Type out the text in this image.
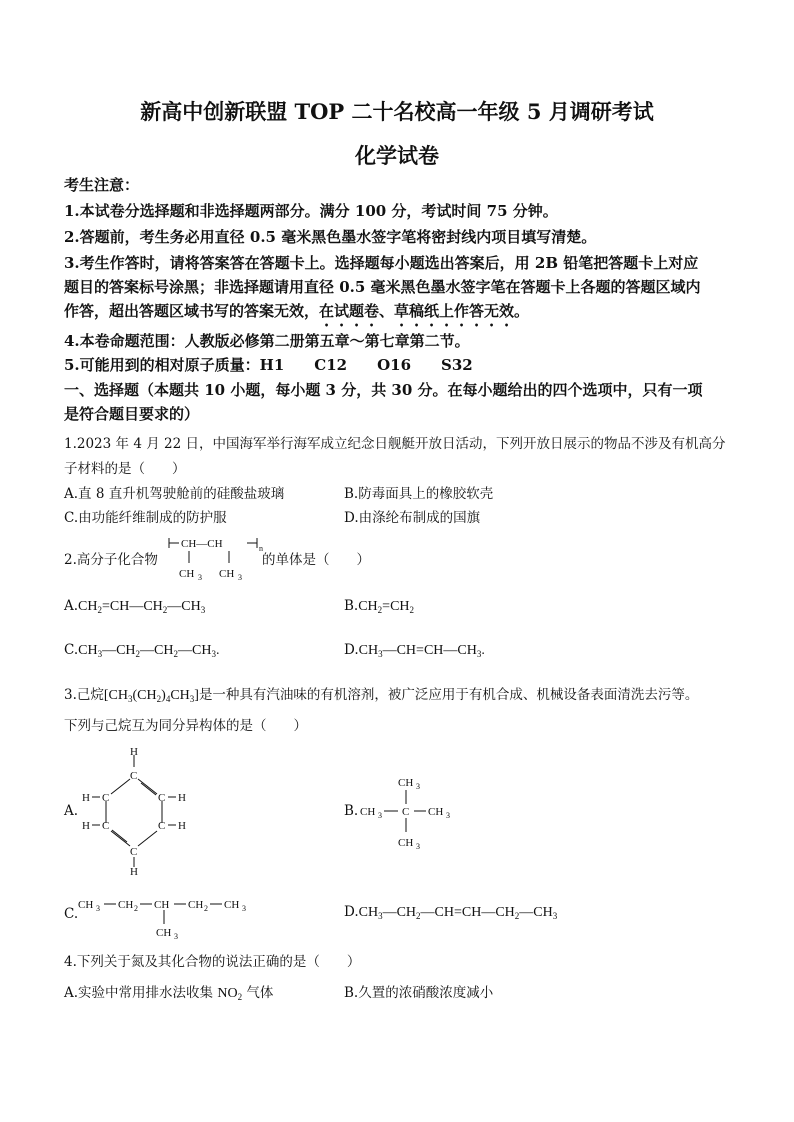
新高中创新联盟 TOP 二十名校高一年级 5 月调研考试
化学试卷
考生注意：
1.本试卷分选择题和非选择题两部分。满分 100 分，考试时间 75 分钟。
2.答题前，考生务必用直径 0.5 毫米黑色墨水签字笔将密封线内项目填写清楚。
3.考生作答时，请将答案答在答题卡上。选择题每小题选出答案后，用 2B 铅笔把答题卡上对应
题目的答案标号涂黑；非选择题请用直径 0.5 毫米黑色墨水签字笔在答题卡上各题的答题区域内
作答，超出答题区域书写的答案无效，在试题卷、草稿纸上作答无效。
4.本卷命题范围：人教版必修第二册第五章～第七章第二节。
5.可能用到的相对原子质量：H1　　C12　　O16　　S32
一、选择题（本题共 10 小题，每小题 3 分，共 30 分。在每小题给出的四个选项中，只有一项
是符合题目要求的）
1.2023 年 4 月 22 日，中国海军举行海军成立纪念日舰艇开放日活动，下列开放日展示的物品不涉及有机高分
子材料的是（　　）
A.直 8 直升机驾驶舱前的硅酸盐玻璃	B.防毒面具上的橡胶软壳
C.由功能纤维制成的防护服	D.由涤纶布制成的国旗
2.高分子化合物
CH—CH	n
CH 3 CH 3
的单体是（　　）
$A.CH_2=CH—CH_2—CH_3$	$B.CH_2=CH_2$
$C.CH_3—CH_2—CH_2—CH_3$.	$D.CH_3—CH=CH—CH_3$.
3.己烷$[CH_3(CH_2)_4CH_3]$是一种具有汽油味的有机溶剂，被广泛应用于有机合成、机械设备表面清洗去污等。
下列与己烷互为同分异构体的是（　　）
A.
H
C
C
C
C
C
C
H
H
H
H
H
B.
CH 3
CH 3 C CH 3
CH 3
C.
CH 3 CH 2 CH CH 2 CH 3
CH 3
$D.CH_3—CH_2—CH=CH—CH_2—CH_3$
4.下列关于氮及其化合物的说法正确的是（　　）
A.实验中常用排水法收集 $NO_2$ 气体	B.久置的浓硝酸浓度减小
